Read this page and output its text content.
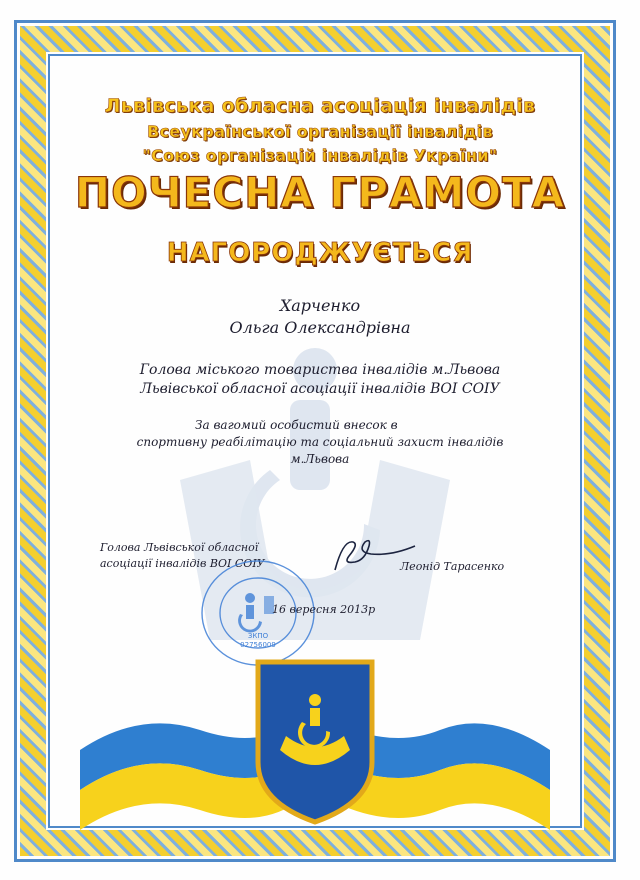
Львівська обласна асоціація інвалідів
Всеукраїнської організації інвалідів
"Союз організацій інвалідів України"
ПОЧЕСНА ГРАМОТА
НАГОРОДЖУЄТЬСЯ
Харченко
Ольга Олександрівна
Голова міського товариства інвалідів м.Львова
Львівської обласної асоціації інвалідів ВОІ СОІУ
За вагомий особистий внесок в
спортивну реабілітацію та соціальний захист інвалідів
м.Львова
Голова Львівської обласної
асоціації інвалідів ВОІ СОІУ	Леонід Тарасенко
ЗКПО
02756009
16 вересня 2013р
